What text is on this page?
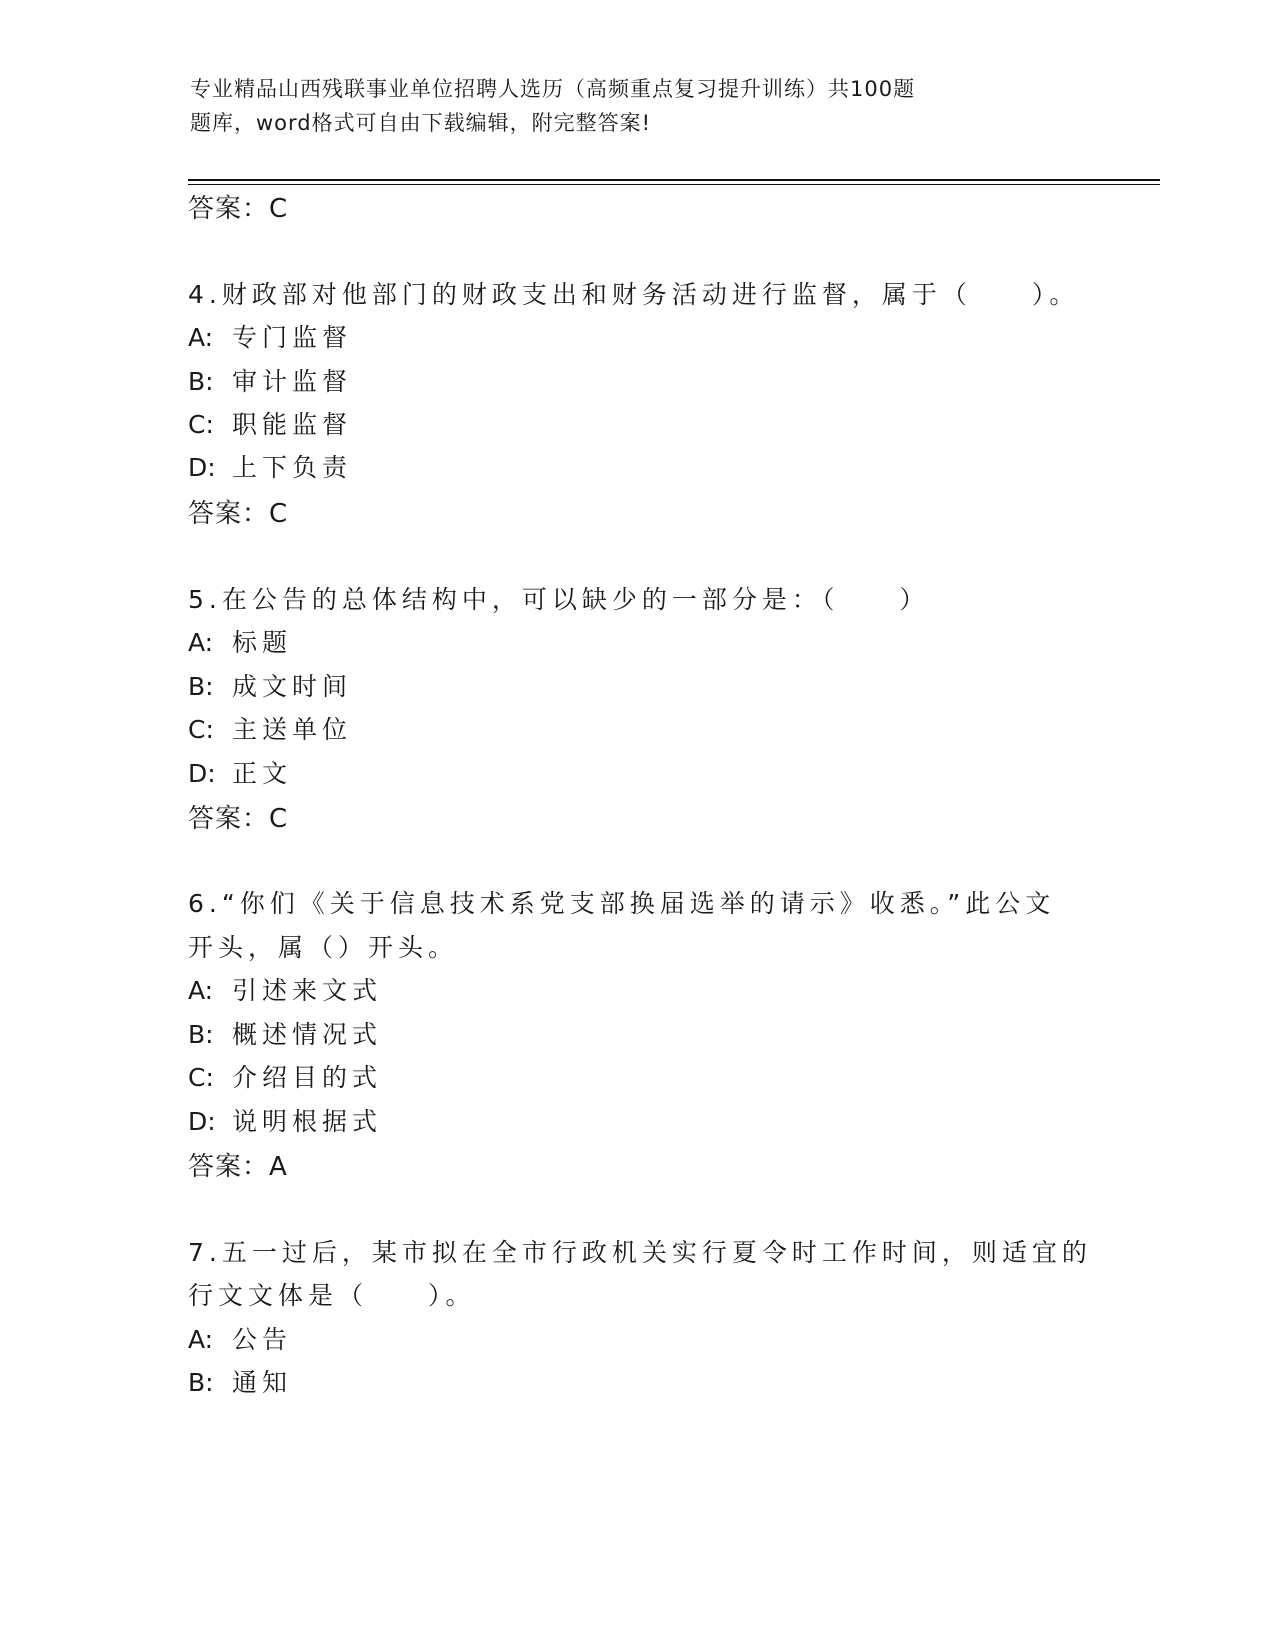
专业精品山西残联事业单位招聘人选历（高频重点复习提升训练）共100题
题库，word格式可自由下载编辑，附完整答案!
答案：C
4.财政部对他部门的财政支出和财务活动进行监督，属于（　　）。
A: 专门监督
B: 审计监督
C: 职能监督
D: 上下负责
答案：C
5.在公告的总体结构中，可以缺少的一部分是：（　　）
A: 标题
B: 成文时间
C: 主送单位
D: 正文
答案：C
6.“你们《关于信息技术系党支部换届选举的请示》收悉。”此公文
开头，属（）开头。
A: 引述来文式
B: 概述情况式
C: 介绍目的式
D: 说明根据式
答案：A
7.五一过后，某市拟在全市行政机关实行夏令时工作时间，则适宜的
行文文体是（　　）。
A: 公告
B: 通知
